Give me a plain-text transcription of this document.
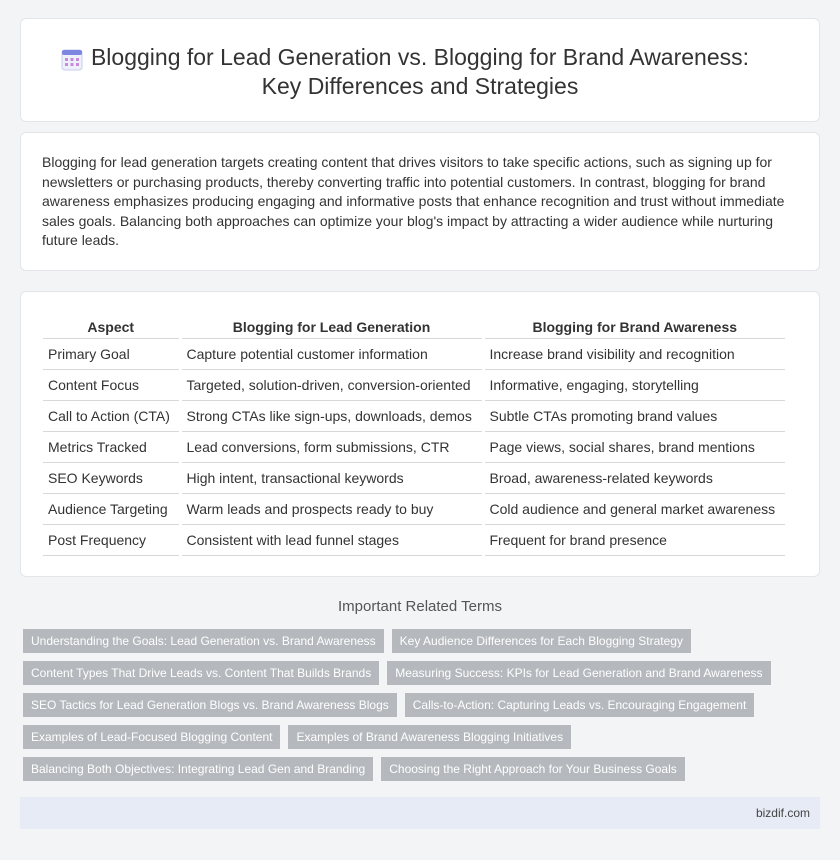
Blogging for Lead Generation vs. Blogging for Brand Awareness:
Key Differences and Strategies

Blogging for lead generation targets creating content that drives visitors to take specific actions, such as signing up for newsletters or purchasing products, thereby converting traffic into potential customers. In contrast, blogging for brand awareness emphasizes producing engaging and informative posts that enhance recognition and trust without immediate sales goals. Balancing both approaches can optimize your blog's impact by attracting a wider audience while nurturing future leads.

Aspect	Blogging for Lead Generation	Blogging for Brand Awareness
Primary Goal	Capture potential customer information	Increase brand visibility and recognition
Content Focus	Targeted, solution-driven, conversion-oriented	Informative, engaging, storytelling
Call to Action (CTA)	Strong CTAs like sign-ups, downloads, demos	Subtle CTAs promoting brand values
Metrics Tracked	Lead conversions, form submissions, CTR	Page views, social shares, brand mentions
SEO Keywords	High intent, transactional keywords	Broad, awareness-related keywords
Audience Targeting	Warm leads and prospects ready to buy	Cold audience and general market awareness
Post Frequency	Consistent with lead funnel stages	Frequent for brand presence
Important Related Terms
Understanding the Goals: Lead Generation vs. Brand Awareness	Key Audience Differences for Each Blogging Strategy
Content Types That Drive Leads vs. Content That Builds Brands	Measuring Success: KPIs for Lead Generation and Brand Awareness
SEO Tactics for Lead Generation Blogs vs. Brand Awareness Blogs	Calls-to-Action: Capturing Leads vs. Encouraging Engagement
Examples of Lead-Focused Blogging Content	Examples of Brand Awareness Blogging Initiatives
Balancing Both Objectives: Integrating Lead Gen and Branding	Choosing the Right Approach for Your Business Goals
bizdif.com
